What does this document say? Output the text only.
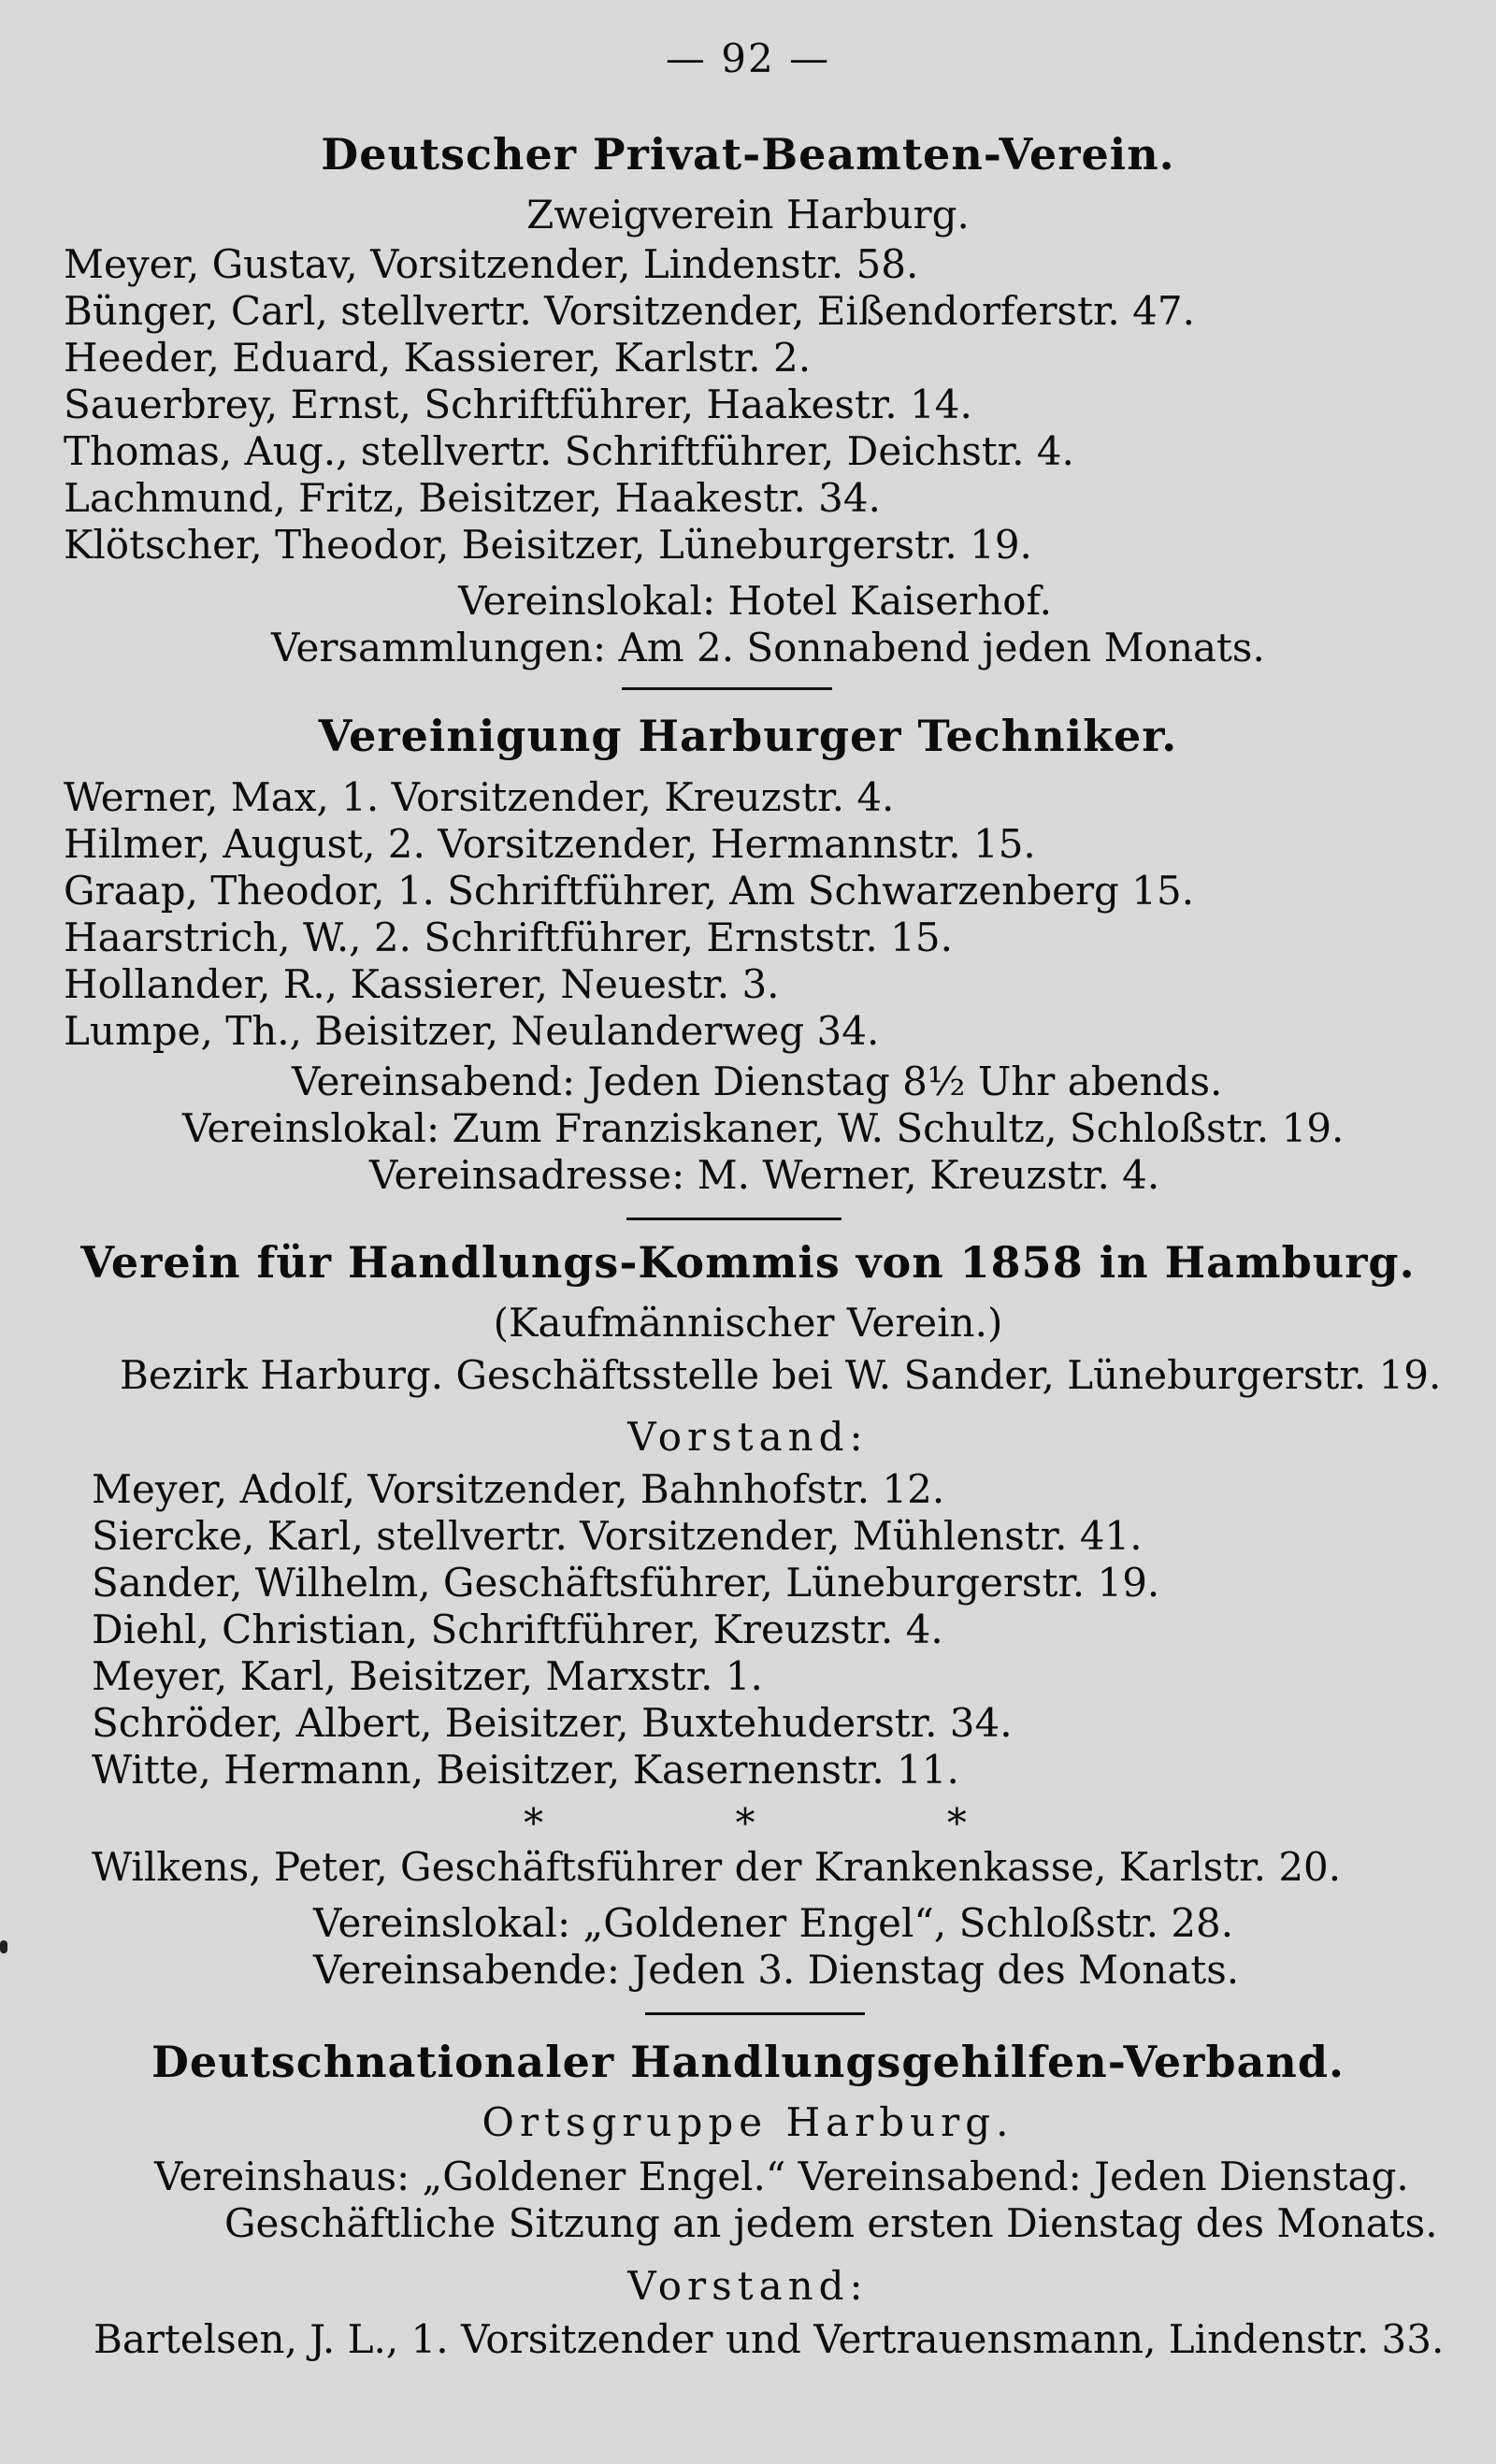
— 92 —
Deutscher Privat-Beamten-Verein.
Zweigverein Harburg.
Meyer, Gustav, Vorsitzender, Lindenstr. 58.
Bünger, Carl, stellvertr. Vorsitzender, Eißendorferstr. 47.
Heeder, Eduard, Kassierer, Karlstr. 2.
Sauerbrey, Ernst, Schriftführer, Haakestr. 14.
Thomas, Aug., stellvertr. Schriftführer, Deichstr. 4.
Lachmund, Fritz, Beisitzer, Haakestr. 34.
Klötscher, Theodor, Beisitzer, Lüneburgerstr. 19.
Vereinslokal: Hotel Kaiserhof.
Versammlungen: Am 2. Sonnabend jeden Monats.
Vereinigung Harburger Techniker.
Werner, Max, 1. Vorsitzender, Kreuzstr. 4.
Hilmer, August, 2. Vorsitzender, Hermannstr. 15.
Graap, Theodor, 1. Schriftführer, Am Schwarzenberg 15.
Haarstrich, W., 2. Schriftführer, Ernststr. 15.
Hollander, R., Kassierer, Neuestr. 3.
Lumpe, Th., Beisitzer, Neulanderweg 34.
Vereinsabend: Jeden Dienstag 8½ Uhr abends.
Vereinslokal: Zum Franziskaner, W. Schultz, Schloßstr. 19.
Vereinsadresse: M. Werner, Kreuzstr. 4.
Verein für Handlungs-Kommis von 1858 in Hamburg.
(Kaufmännischer Verein.)
Bezirk Harburg. Geschäftsstelle bei W. Sander, Lüneburgerstr. 19.
Vorstand:
Meyer, Adolf, Vorsitzender, Bahnhofstr. 12.
Siercke, Karl, stellvertr. Vorsitzender, Mühlenstr. 41.
Sander, Wilhelm, Geschäftsführer, Lüneburgerstr. 19.
Diehl, Christian, Schriftführer, Kreuzstr. 4.
Meyer, Karl, Beisitzer, Marxstr. 1.
Schröder, Albert, Beisitzer, Buxtehuderstr. 34.
Witte, Hermann, Beisitzer, Kasernenstr. 11.
* * *
Wilkens, Peter, Geschäftsführer der Krankenkasse, Karlstr. 20.
Vereinslokal: „Goldener Engel“, Schloßstr. 28.
Vereinsabende: Jeden 3. Dienstag des Monats.
Deutschnationaler Handlungsgehilfen-Verband.
Ortsgruppe Harburg.
Vereinshaus: „Goldener Engel.“ Vereinsabend: Jeden Dienstag.
Geschäftliche Sitzung an jedem ersten Dienstag des Monats.
Vorstand:
Bartelsen, J. L., 1. Vorsitzender und Vertrauensmann, Lindenstr. 33.
